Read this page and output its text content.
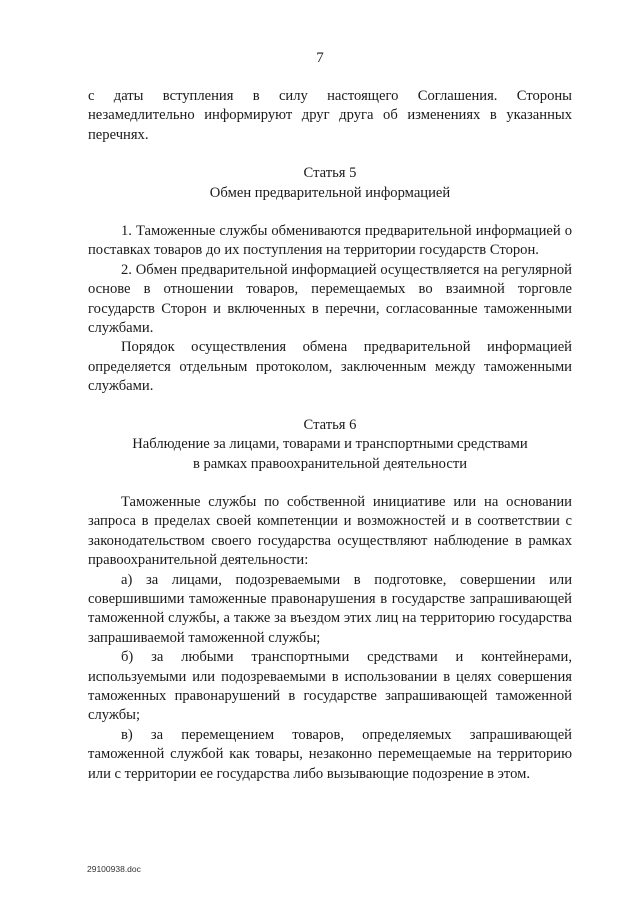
7

с даты вступления в силу настоящего Соглашения. Стороны незамедлительно информируют друг друга об изменениях в указанных перечнях.

Статья 5

Обмен предварительной информацией

1. Таможенные службы обмениваются предварительной информацией о поставках товаров до их поступления на территории государств Сторон.

2. Обмен предварительной информацией осуществляется на регулярной основе в отношении товаров, перемещаемых во взаимной торговле государств Сторон и включенных в перечни, согласованные таможенными службами.

Порядок осуществления обмена предварительной информацией определяется отдельным протоколом, заключенным между таможенными службами.

Статья 6

Наблюдение за лицами, товарами и транспортными средствами

в рамках правоохранительной деятельности

Таможенные службы по собственной инициативе или на основании запроса в пределах своей компетенции и возможностей и в соответствии с законодательством своего государства осуществляют наблюдение в рамках правоохранительной деятельности:

а) за лицами, подозреваемыми в подготовке, совершении или совершившими таможенные правонарушения в государстве запрашивающей таможенной службы, а также за въездом этих лиц на территорию государства запрашиваемой таможенной службы;

б) за любыми транспортными средствами и контейнерами, используемыми или подозреваемыми в использовании в целях совершения таможенных правонарушений в государстве запрашивающей таможенной службы;

в) за перемещением товаров, определяемых запрашивающей таможенной службой как товары, незаконно перемещаемые на территорию или с территории ее государства либо вызывающие подозрение в этом.

29100938.doc
